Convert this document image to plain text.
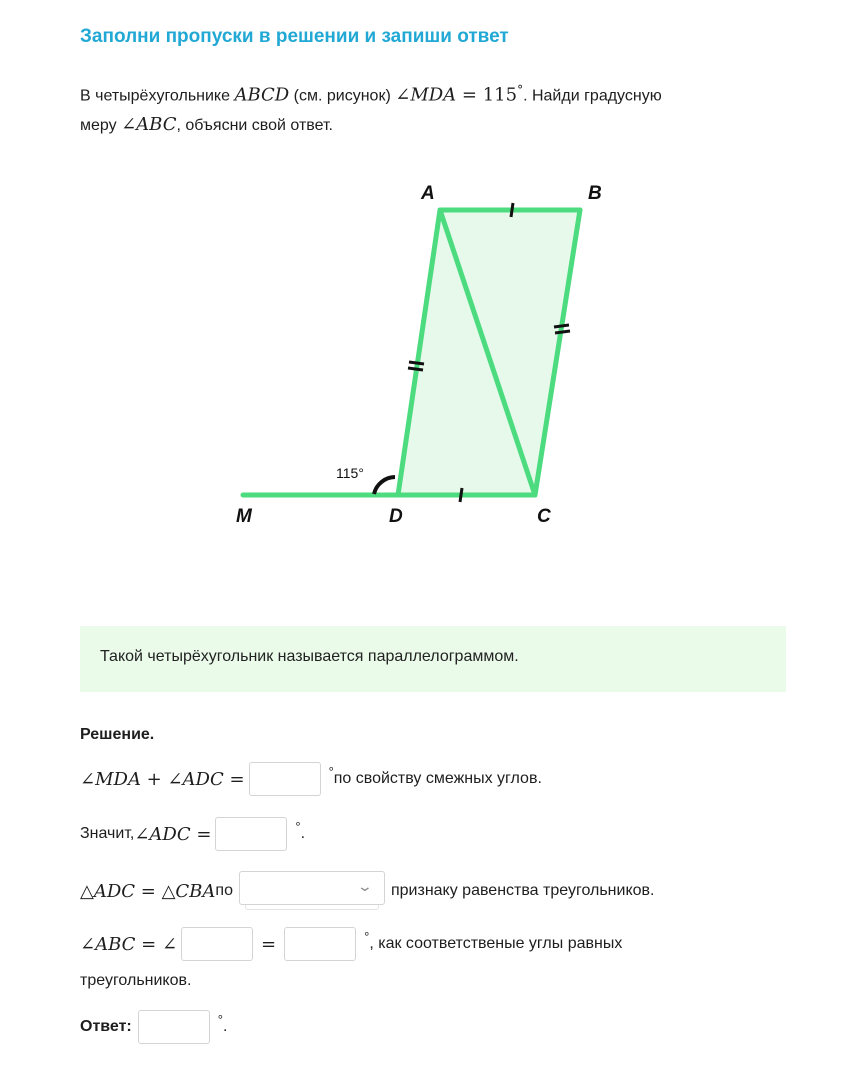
Заполни пропуски в решении и запиши ответ
В четырёхугольнике ABCD (см. рисунок) ∠MDA = 115°. Найди градусную
меру ∠ABC, объясни свой ответ.
A	B
C
D
M
115°
Такой четырёхугольник называется параллелограммом.
Решение.
∠MDA + ∠ADC =	° по свойству смежных углов.
Значит, ∠ADC =	° .
△ADC = △CBA по	⌄ признаку равенства треугольников.
∠ABC = ∠	=	° , как соответственые углы равных
треугольников.
Ответ:	° .
